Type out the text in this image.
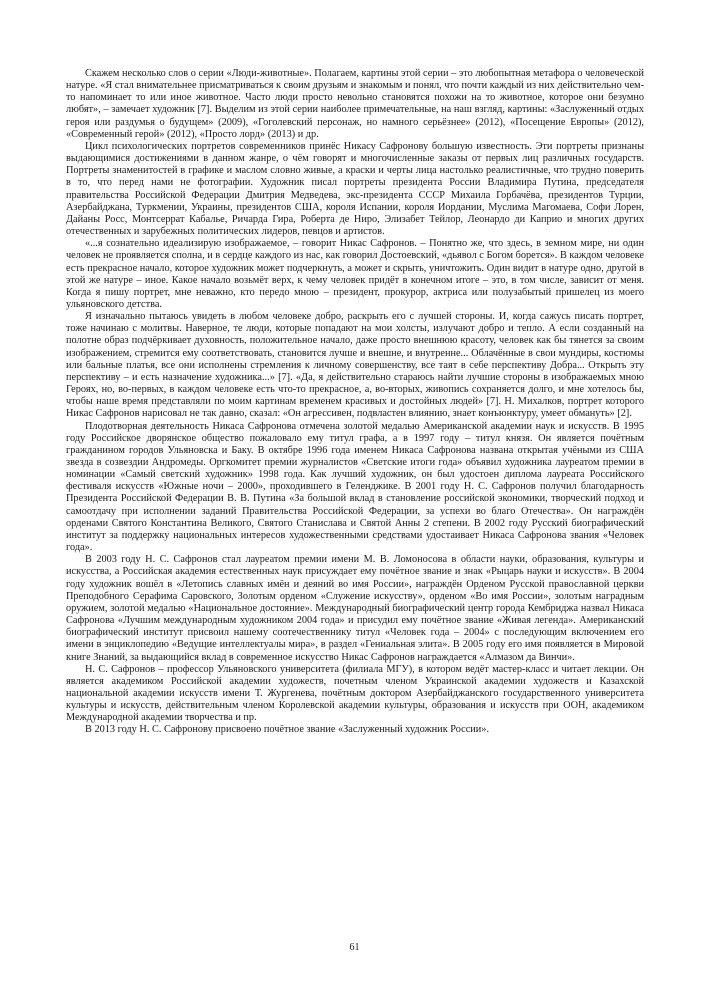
Скажем несколько слов о серии «Люди-животные». Полагаем, картины этой серии – это любопытная метафора о человеческой натуре. «Я стал внимательнее присматриваться к своим друзьям и знакомым и понял, что почти каждый из них действительно чем-то напоминает то или иное животное. Часто люди просто невольно становятся похожи на то животное, которое они безумно любят», – замечает художник [7]. Выделим из этой серии наиболее примечательные, на наш взгляд, картины: «Заслуженный отдых героя или раздумья о будущем» (2009), «Гоголевский персонаж, но намного серьёзнее» (2012), «Посещение Европы» (2012), «Современный герой» (2012), «Просто лорд» (2013) и др.

Цикл психологических портретов современников принёс Никасу Сафронову большую известность. Эти портреты признаны выдающимися достижениями в данном жанре, о чём говорят и многочисленные заказы от первых лиц различных государств. Портреты знаменитостей в графике и маслом словно живые, а краски и черты лица настолько реалистичные, что трудно поверить в то, что перед нами не фотографии. Художник писал портреты президента России Владимира Путина, председателя правительства Российской Федерации Дмитрия Медведева, экс-президента СССР Михаила Горбачёва, президентов Турции, Азербайджана, Туркмении, Украины, президентов США, короля Испании, короля Иордании, Муслима Магомаева, Софи Лорен, Дайаны Росс, Монтсеррат Кабалье, Ричарда Гира, Роберта де Ниро, Элизабет Тейлор, Леонардо ди Каприо и многих других отечественных и зарубежных политических лидеров, певцов и артистов.

«...я сознательно идеализирую изображаемое, – говорит Никас Сафронов. – Понятно же, что здесь, в земном мире, ни один человек не проявляется сполна, и в сердце каждого из нас, как говорил Достоевский, «дьявол с Богом борется». В каждом человеке есть прекрасное начало, которое художник может подчеркнуть, а может и скрыть, уничтожить. Один видит в натуре одно, другой в этой же натуре – иное. Какое начало возьмёт верх, к чему человек придёт в конечном итоге – это, в том числе, зависит от меня. Когда я пишу портрет, мне неважно, кто передо мною – президент, прокурор, актриса или полузабытый пришелец из моего ульяновского детства.

Я изначально пытаюсь увидеть в любом человеке добро, раскрыть его с лучшей стороны. И, когда сажусь писать портрет, тоже начинаю с молитвы. Наверное, те люди, которые попадают на мои холсты, излучают добро и тепло. А если созданный на полотне образ подчёркивает духовность, положительное начало, даже просто внешнюю красоту, человек как бы тянется за своим изображением, стремится ему соответствовать, становится лучше и внешне, и внутренне... Облачённые в свои мундиры, костюмы или бальные платья, все они исполнены стремления к личному совершенству, все таят в себе перспективу Добра... Открыть эту перспективу – и есть назначение художника...» [7]. «Да, я действительно стараюсь найти лучшие стороны в изображаемых мною Героях, но, во-первых, в каждом человеке есть что-то прекрасное, а, во-вторых, живопись сохраняется долго, и мне хотелось бы, чтобы наше время представляли по моим картинам временем красивых и достойных людей» [7]. Н. Михалков, портрет которого Никас Сафронов нарисовал не так давно, сказал: «Он агрессивен, подвластен влиянию, знает конъюнктуру, умеет обмануть» [2].

Плодотворная деятельность Никаса Сафронова отмечена золотой медалью Американской академии наук и искусств. В 1995 году Российское дворянское общество пожаловало ему титул графа, а в 1997 году – титул князя. Он является почётным гражданином городов Ульяновска и Баку. В октябре 1996 года именем Никаса Сафронова названа открытая учёными из США звезда в созвездии Андромеды. Оргкомитет премии журналистов «Светские итоги года» объявил художника лауреатом премии в номинации «Самый светский художник» 1998 года. Как лучший художник, он был удостоен диплома лауреата Российского фестиваля искусств «Южные ночи – 2000», проходившего в Геленджике. В 2001 году Н. С. Сафронов получил благодарность Президента Российской Федерации В. В. Путина «За большой вклад в становление российской экономики, творческий подход и самоотдачу при исполнении заданий Правительства Российской Федерации, за успехи во благо Отечества». Он награждён орденами Святого Константина Великого, Святого Станислава и Святой Анны 2 степени. В 2002 году Русский биографический институт за поддержку национальных интересов художественными средствами удостаивает Никаса Сафронова звания «Человек года».

В 2003 году Н. С. Сафронов стал лауреатом премии имени М. В. Ломоносова в области науки, образования, культуры и искусства, а Российская академия естественных наук присуждает ему почётное звание и знак «Рыцарь науки и искусств». В 2004 году художник вошёл в «Летопись славных имён и деяний во имя России», награждён Орденом Русской православной церкви Преподобного Серафима Саровского, Золотым орденом «Служение искусству», орденом «Во имя России», золотым наградным оружием, золотой медалью «Национальное достояние». Международный биографический центр города Кембриджа назвал Никаса Сафронова «Лучшим международным художником 2004 года» и присудил ему почётное звание «Живая легенда». Американский биографический институт присвоил нашему соотечественнику титул «Человек года – 2004» с последующим включением его имени в энциклопедию «Ведущие интеллектуалы мира», в раздел «Гениальная элита». В 2005 году его имя появляется в Мировой книге Знаний, за выдающийся вклад в современное искусство Никас Сафронов награждается «Алмазом да Винчи».

Н. С. Сафронов – профессор Ульяновского университета (филиала МГУ), в котором ведёт мастер-класс и читает лекции. Он является академиком Российской академии художеств, почетным членом Украинской академии художеств и Казахской национальной академии искусств имени Т. Жургенева, почётным доктором Азербайджанского государственного университета культуры и искусств, действительным членом Королевской академии культуры, образования и искусств при ООН, академиком Международной академии творчества и пр.

В 2013 году Н. С. Сафронову присвоено почётное звание «Заслуженный художник России».

61
